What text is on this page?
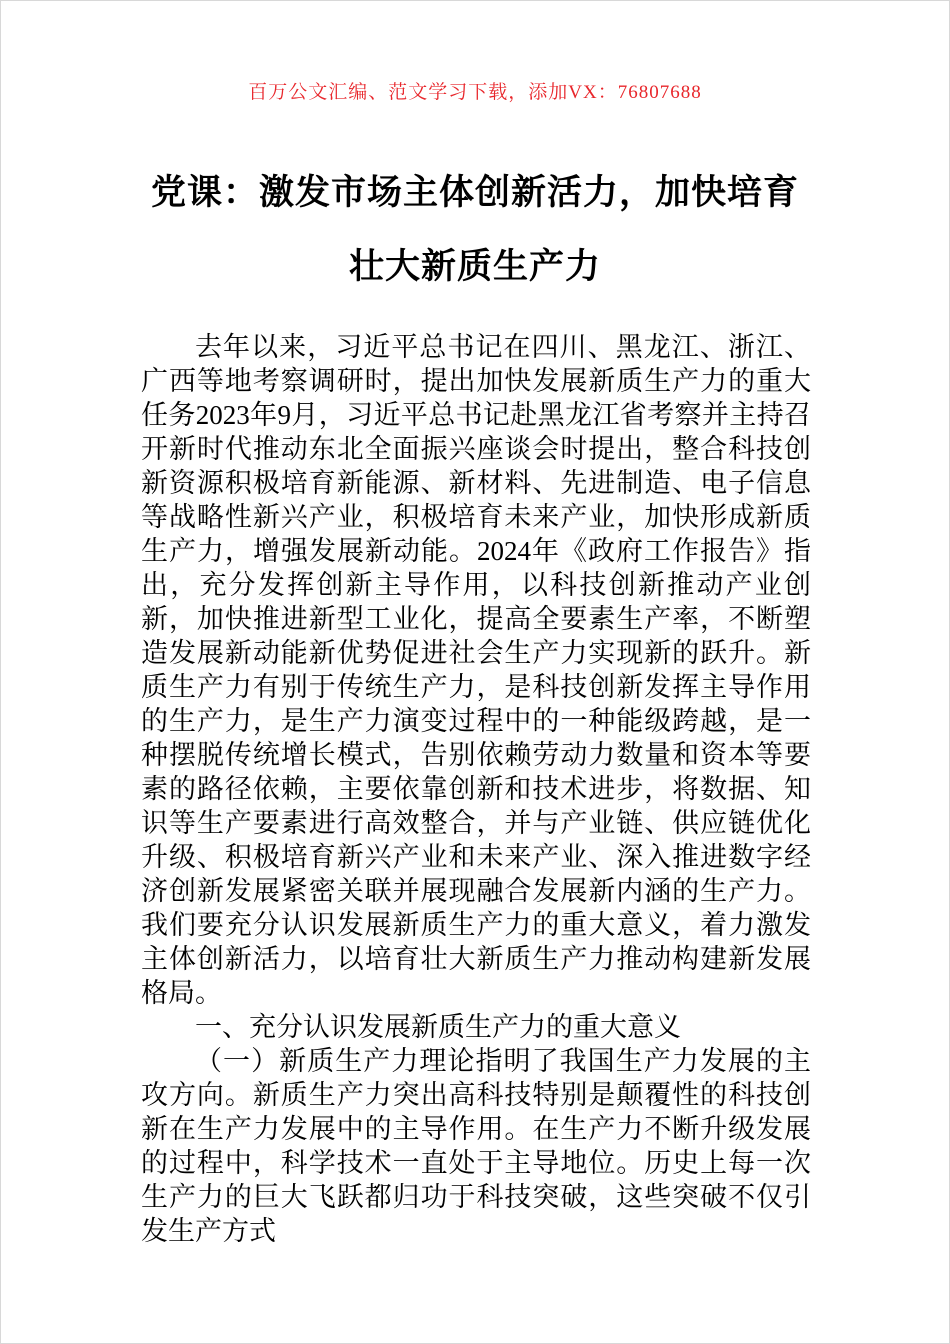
百万公文汇编、范文学习下载，添加VX：76807688
党课：激发市场主体创新活力，加快培育
壮大新质生产力

去年以来，习近平总书记在四川、黑龙江、浙江、广西等地考察调研时，提出加快发展新质生产力的重大任务2023年9月，习近平总书记赴黑龙江省考察并主持召开新时代推动东北全面振兴座谈会时提出，整合科技创新资源积极培育新能源、新材料、先进制造、电子信息等战略性新兴产业，积极培育未来产业，加快形成新质生产力，增强发展新动能。2024年《政府工作报告》指出，充分发挥创新主导作用，以科技创新推动产业创新，加快推进新型工业化，提高全要素生产率，不断塑造发展新动能新优势促进社会生产力实现新的跃升。新质生产力有别于传统生产力，是科技创新发挥主导作用的生产力，是生产力演变过程中的一种能级跨越，是一种摆脱传统增长模式，告别依赖劳动力数量和资本等要素的路径依赖，主要依靠创新和技术进步，将数据、知识等生产要素进行高效整合，并与产业链、供应链优化升级、积极培育新兴产业和未来产业、深入推进数字经济创新发展紧密关联并展现融合发展新内涵的生产力。我们要充分认识发展新质生产力的重大意义，着力激发主体创新活力，以培育壮大新质生产力推动构建新发展格局。

一、充分认识发展新质生产力的重大意义

（一）新质生产力理论指明了我国生产力发展的主攻方向。新质生产力突出高科技特别是颠覆性的科技创新在生产力发展中的主导作用。在生产力不断升级发展的过程中，科学技术一直处于主导地位。历史上每一次生产力的巨大飞跃都归功于科技突破，这些突破不仅引发生产方式
